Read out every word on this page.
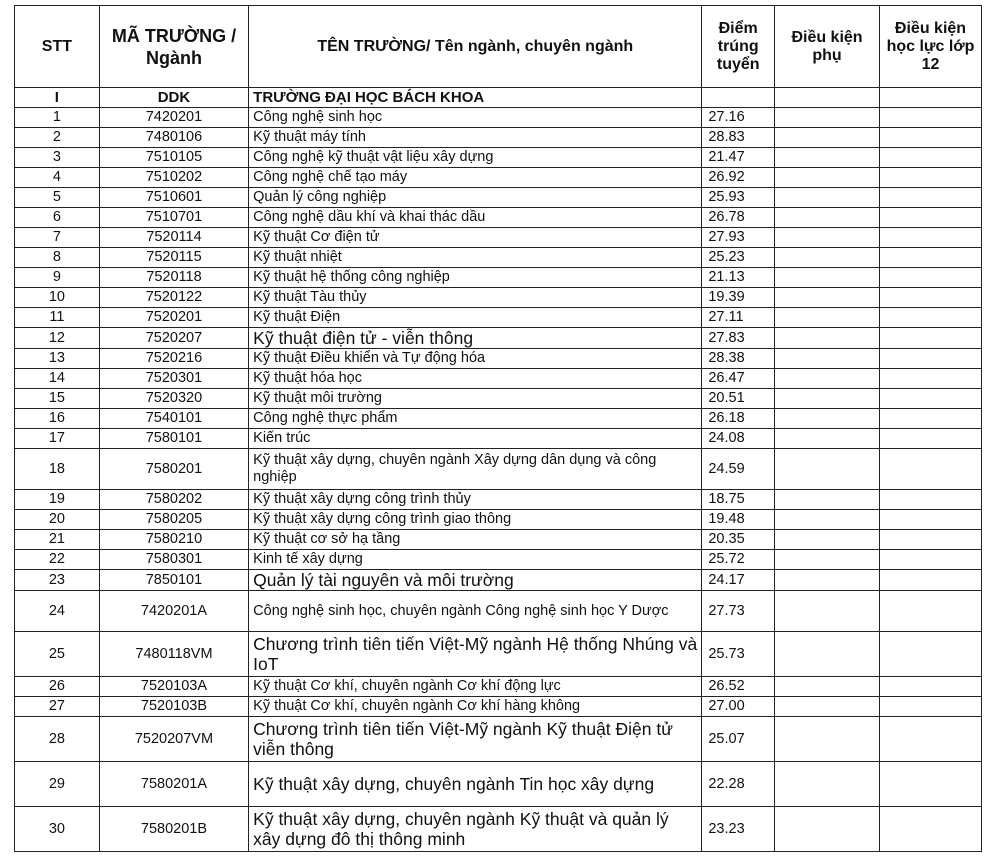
STT	MÃ TRƯỜNG / Ngành	TÊN TRƯỜNG/ Tên ngành, chuyên ngành	Điểm trúng tuyển	Điều kiện phụ	Điều kiện học lực lớp 12
I	DDK	TRƯỜNG ĐẠI HỌC BÁCH KHOA			
1	7420201	Công nghệ sinh học	27.16		
2	7480106	Kỹ thuật máy tính	28.83		
3	7510105	Công nghệ kỹ thuật vật liệu xây dựng	21.47		
4	7510202	Công nghệ chế tạo máy	26.92		
5	7510601	Quản lý công nghiệp	25.93		
6	7510701	Công nghệ dầu khí và khai thác dầu	26.78		
7	7520114	Kỹ thuật Cơ điện tử	27.93		
8	7520115	Kỹ thuật nhiệt	25.23		
9	7520118	Kỹ thuật hệ thống công nghiệp	21.13		
10	7520122	Kỹ thuật Tàu thủy	19.39		
11	7520201	Kỹ thuật Điện	27.11		
12	7520207	Kỹ thuật điện tử - viễn thông	27.83		
13	7520216	Kỹ thuật Điều khiển và Tự động hóa	28.38		
14	7520301	Kỹ thuật hóa học	26.47		
15	7520320	Kỹ thuật môi trường	20.51		
16	7540101	Công nghệ thực phẩm	26.18		
17	7580101	Kiến trúc	24.08		
18	7580201	Kỹ thuật xây dựng, chuyên ngành Xây dựng dân dụng và công nghiệp	24.59		
19	7580202	Kỹ thuật xây dựng công trình thủy	18.75		
20	7580205	Kỹ thuật xây dựng công trình giao thông	19.48		
21	7580210	Kỹ thuật cơ sở hạ tầng	20.35		
22	7580301	Kinh tế xây dựng	25.72		
23	7850101	Quản lý tài nguyên và môi trường	24.17		
24	7420201A	Công nghệ sinh học, chuyên ngành Công nghệ sinh học Y Dược	27.73		
25	7480118VM	Chương trình tiên tiến Việt-Mỹ ngành Hệ thống Nhúng và IoT	25.73		
26	7520103A	Kỹ thuật Cơ khí, chuyên ngành Cơ khí động lực	26.52		
27	7520103B	Kỹ thuật Cơ khí, chuyên ngành Cơ khí hàng không	27.00		
28	7520207VM	Chương trình tiên tiến Việt-Mỹ ngành Kỹ thuật Điện tử viễn thông	25.07		
29	7580201A	Kỹ thuật xây dựng, chuyên ngành Tin học xây dựng	22.28		
30	7580201B	Kỹ thuật xây dựng, chuyên ngành Kỹ thuật và quản lý xây dựng đô thị thông minh	23.23		
